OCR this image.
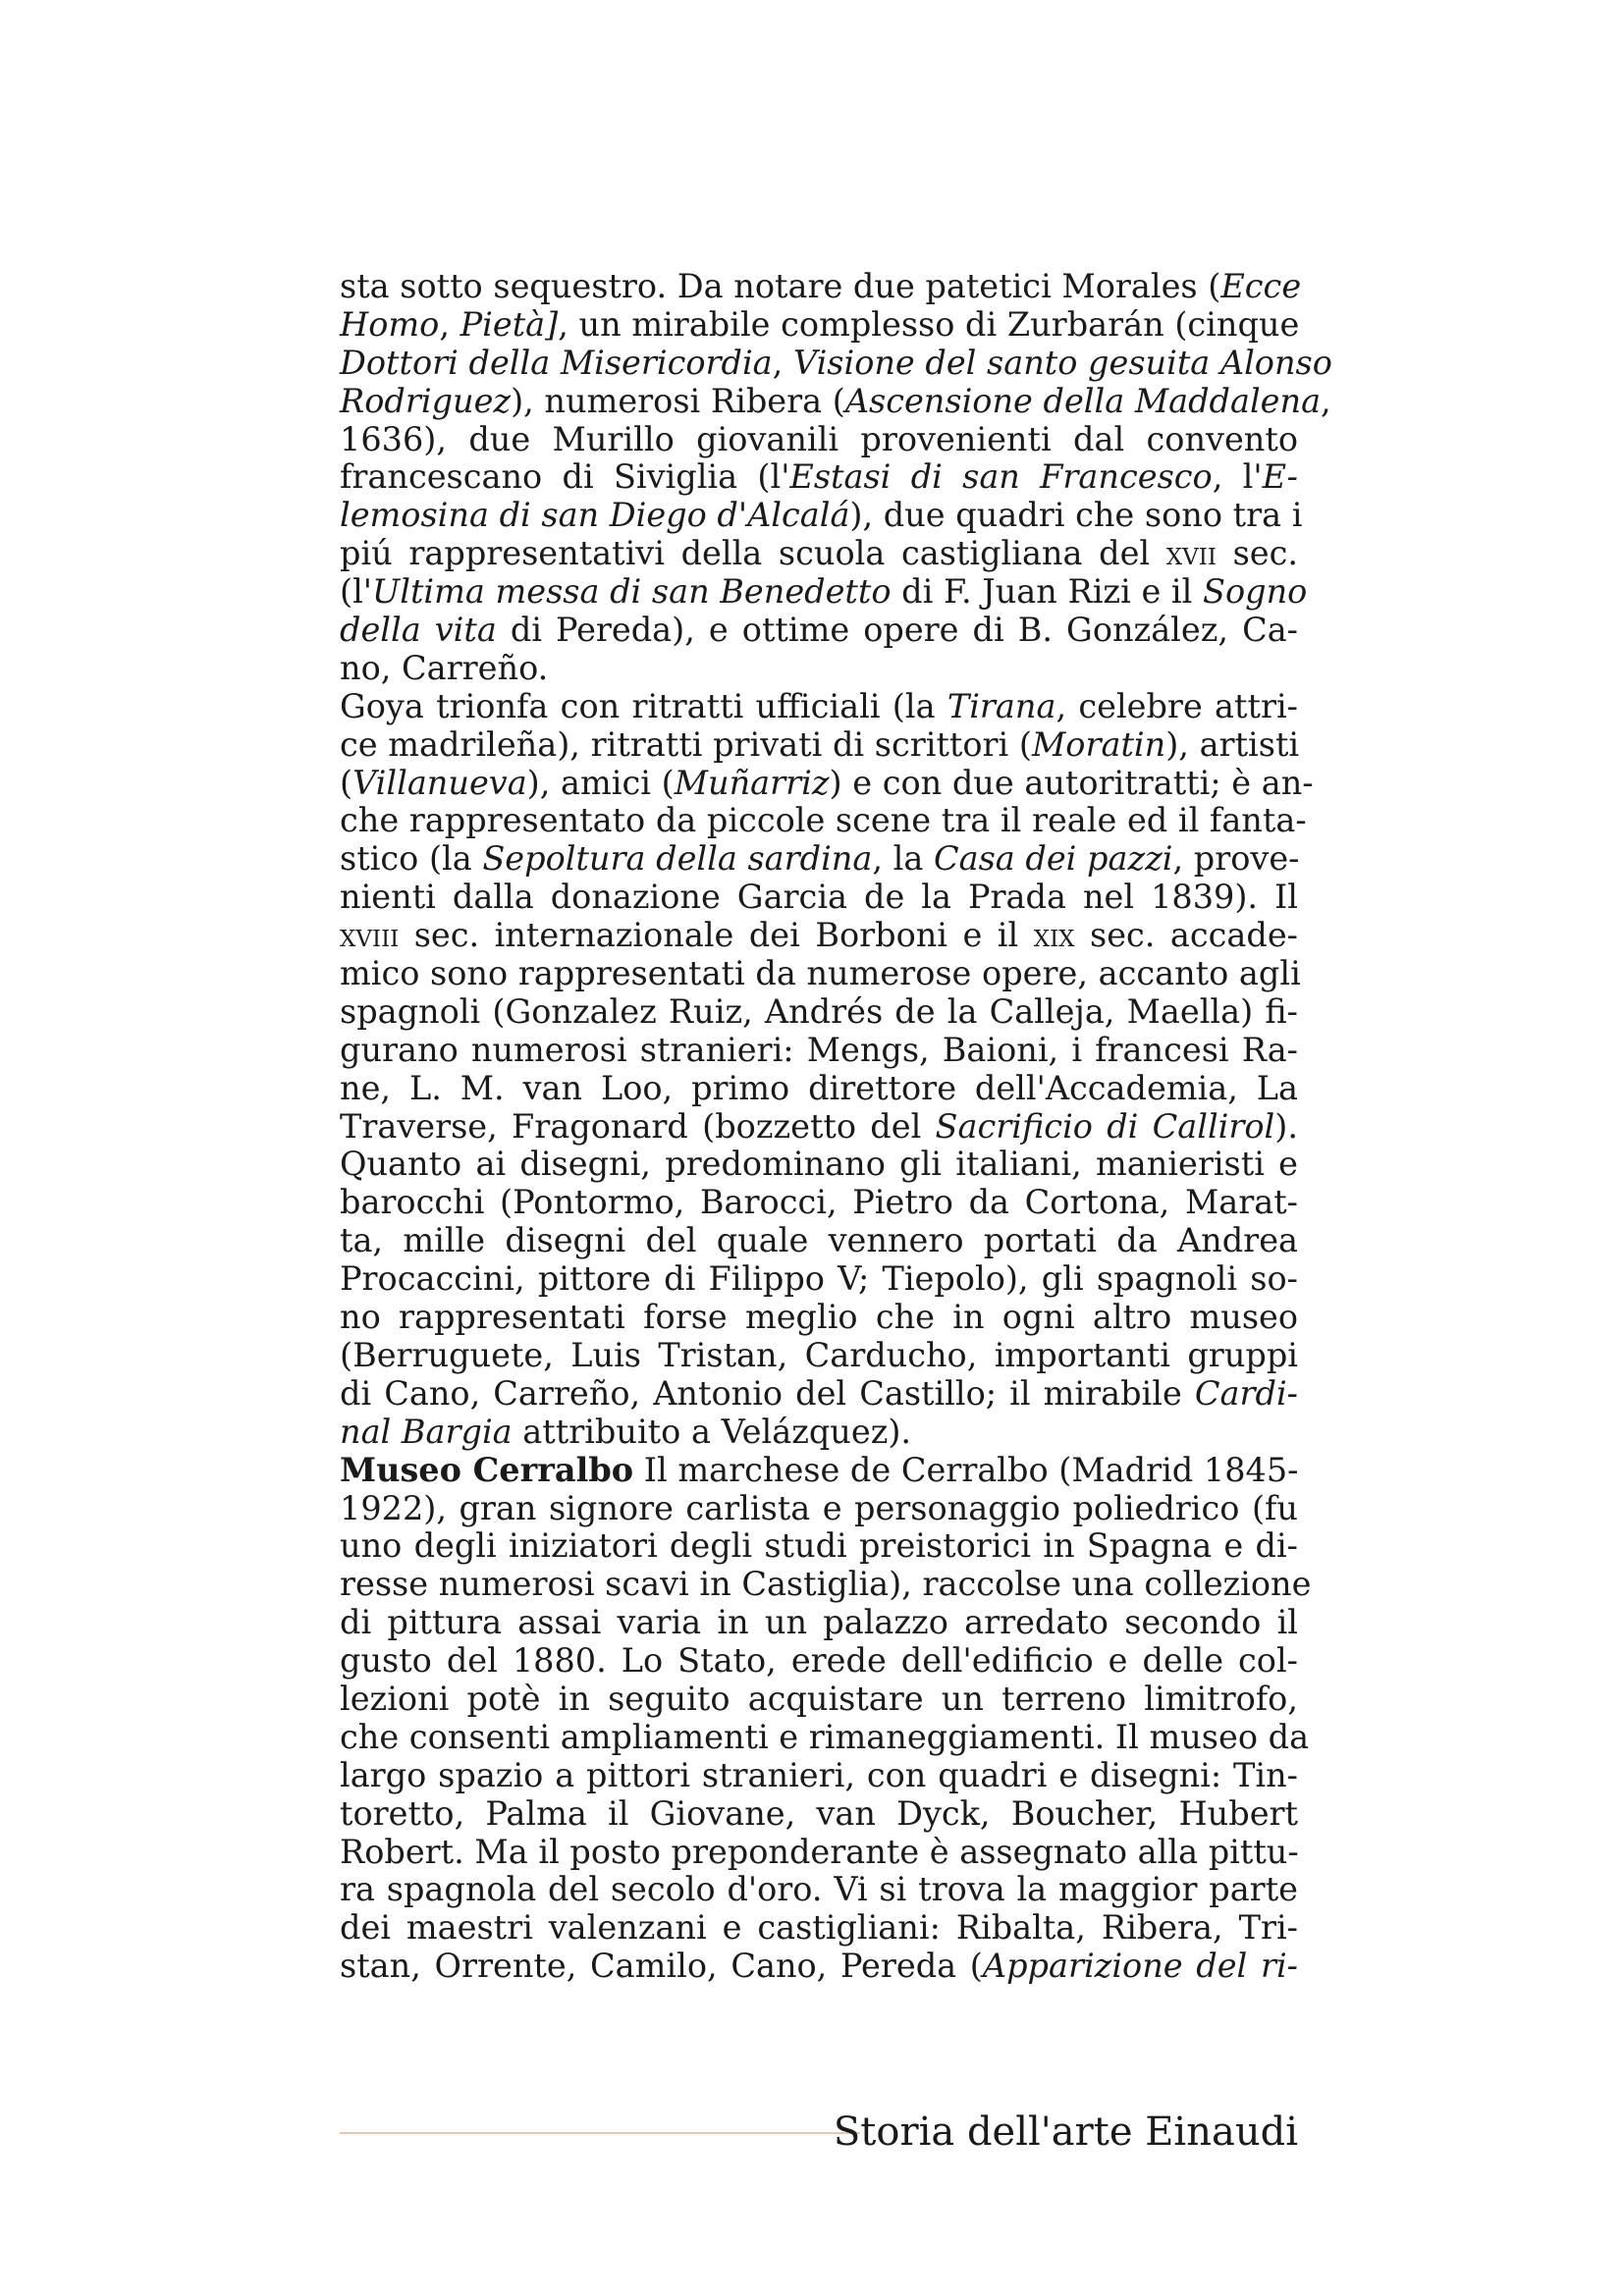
sta sotto sequestro. Da notare due patetici Morales (Ecce
Homo, Pietà], un mirabile complesso di Zurbarán (cinque
Dottori della Misericordia, Visione del santo gesuita Alonso
Rodriguez), numerosi Ribera (Ascensione della Maddalena,
1636), due Murillo giovanili provenienti dal convento
francescano di Siviglia (l'Estasi di san Francesco, l'E-
lemosina di san Diego d'Alcalá), due quadri che sono tra i
piú rappresentativi della scuola castigliana del xvii sec.
(l'Ultima messa di san Benedetto di F. Juan Rizi e il Sogno
della vita di Pereda), e ottime opere di B. González, Ca-
no, Carreño.
Goya trionfa con ritratti ufficiali (la Tirana, celebre attri-
ce madrileña), ritratti privati di scrittori (Moratin), artisti
(Villanueva), amici (Muñarriz) e con due autoritratti; è an-
che rappresentato da piccole scene tra il reale ed il fanta-
stico (la Sepoltura della sardina, la Casa dei pazzi, prove-
nienti dalla donazione Garcia de la Prada nel 1839). Il
xviii sec. internazionale dei Borboni e il xix sec. accade-
mico sono rappresentati da numerose opere, accanto agli
spagnoli (Gonzalez Ruiz, Andrés de la Calleja, Maella) fi-
gurano numerosi stranieri: Mengs, Baioni, i francesi Ra-
ne, L. M. van Loo, primo direttore dell'Accademia, La
Traverse, Fragonard (bozzetto del Sacrificio di Callirol).
Quanto ai disegni, predominano gli italiani, manieristi e
barocchi (Pontormo, Barocci, Pietro da Cortona, Marat-
ta, mille disegni del quale vennero portati da Andrea
Procaccini, pittore di Filippo V; Tiepolo), gli spagnoli so-
no rappresentati forse meglio che in ogni altro museo
(Berruguete, Luis Tristan, Carducho, importanti gruppi
di Cano, Carreño, Antonio del Castillo; il mirabile Cardi-
nal Bargia attribuito a Velázquez).
Museo Cerralbo Il marchese de Cerralbo (Madrid 1845-
1922), gran signore carlista e personaggio poliedrico (fu
uno degli iniziatori degli studi preistorici in Spagna e di-
resse numerosi scavi in Castiglia), raccolse una collezione
di pittura assai varia in un palazzo arredato secondo il
gusto del 1880. Lo Stato, erede dell'edificio e delle col-
lezioni potè in seguito acquistare un terreno limitrofo,
che consenti ampliamenti e rimaneggiamenti. Il museo da
largo spazio a pittori stranieri, con quadri e disegni: Tin-
toretto, Palma il Giovane, van Dyck, Boucher, Hubert
Robert. Ma il posto preponderante è assegnato alla pittu-
ra spagnola del secolo d'oro. Vi si trova la maggior parte
dei maestri valenzani e castigliani: Ribalta, Ribera, Tri-
stan, Orrente, Camilo, Cano, Pereda (Apparizione del ri-
Storia dell'arte Einaudi
